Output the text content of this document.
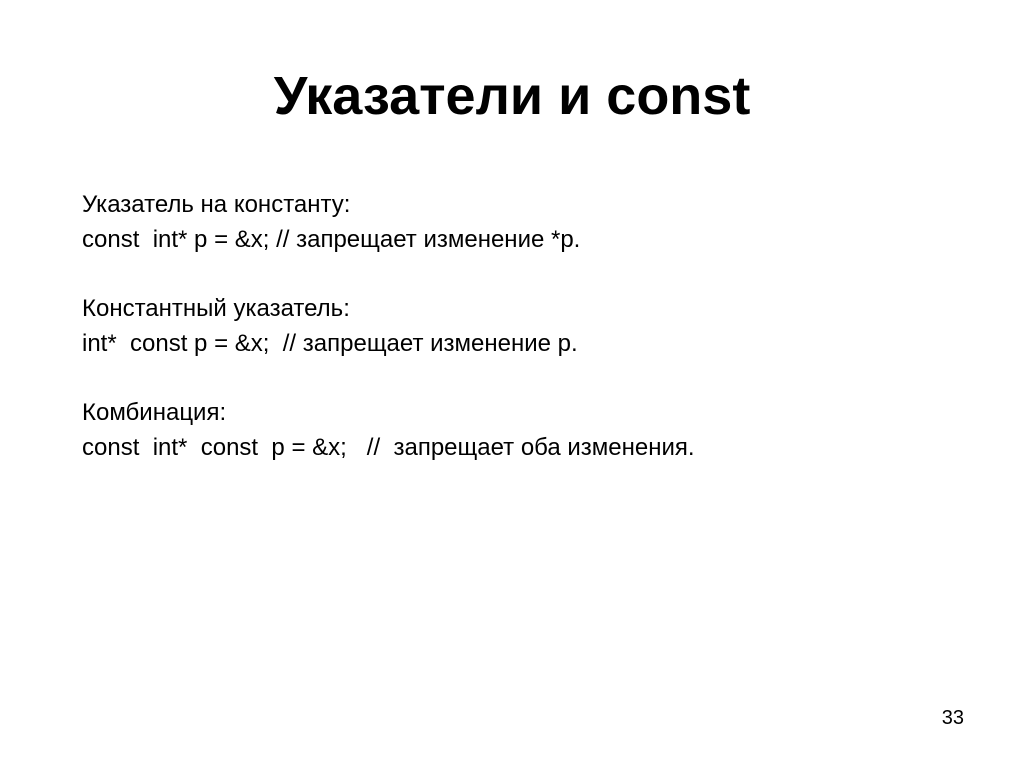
Указатели и const
Указатель на константу:
const  int* p = &x; // запрещает изменение *p.
Константный указатель:
int*  const p = &x;  // запрещает изменение p.
Комбинация:
const  int*  const  p = &x;   //  запрещает оба изменения.
33
